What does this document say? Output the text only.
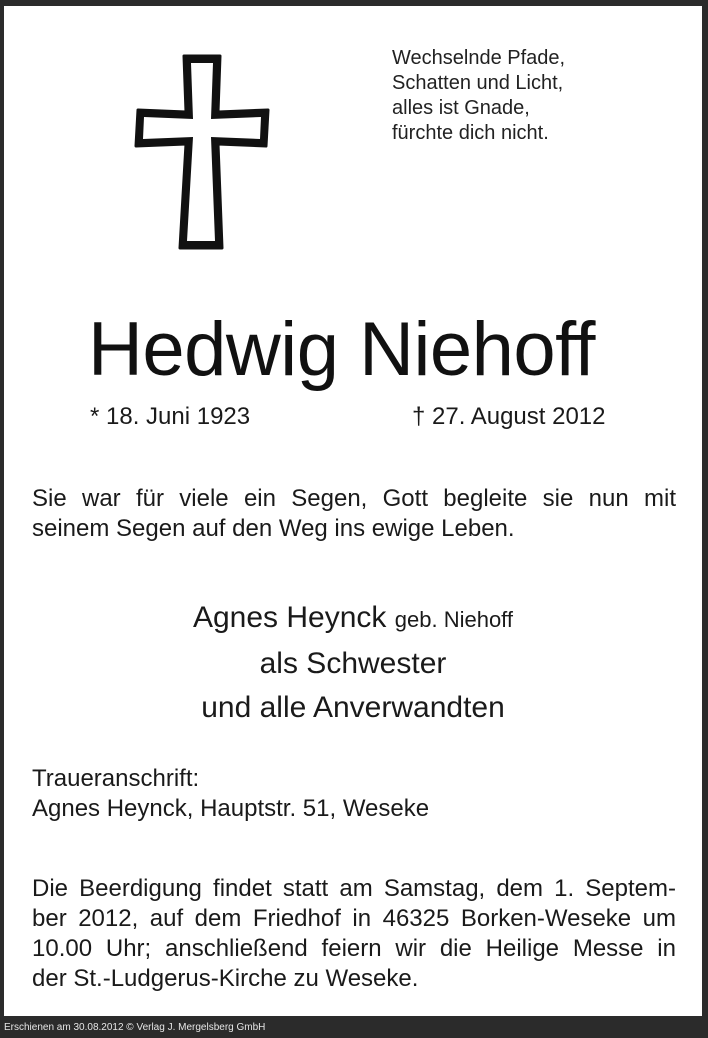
Wechselnde Pfade,
Schatten und Licht,
alles ist Gnade,
fürchte dich nicht.
Hedwig Niehoff
* 18. Juni 1923	† 27. August 2012
Sie war für viele ein Segen, Gott begleite sie nun mit
seinem Segen auf den Weg ins ewige Leben.
Agnes Heynck geb. Niehoff
als Schwester
und alle Anverwandten
Traueranschrift:
Agnes Heynck, Hauptstr. 51, Weseke
Die Beerdigung findet statt am Samstag, dem 1. Septem-
ber 2012, auf dem Friedhof in 46325 Borken-Weseke um
10.00 Uhr; anschließend feiern wir die Heilige Messe in
der St.-Ludgerus-Kirche zu Weseke.
Erschienen am 30.08.2012 © Verlag J. Mergelsberg GmbH
